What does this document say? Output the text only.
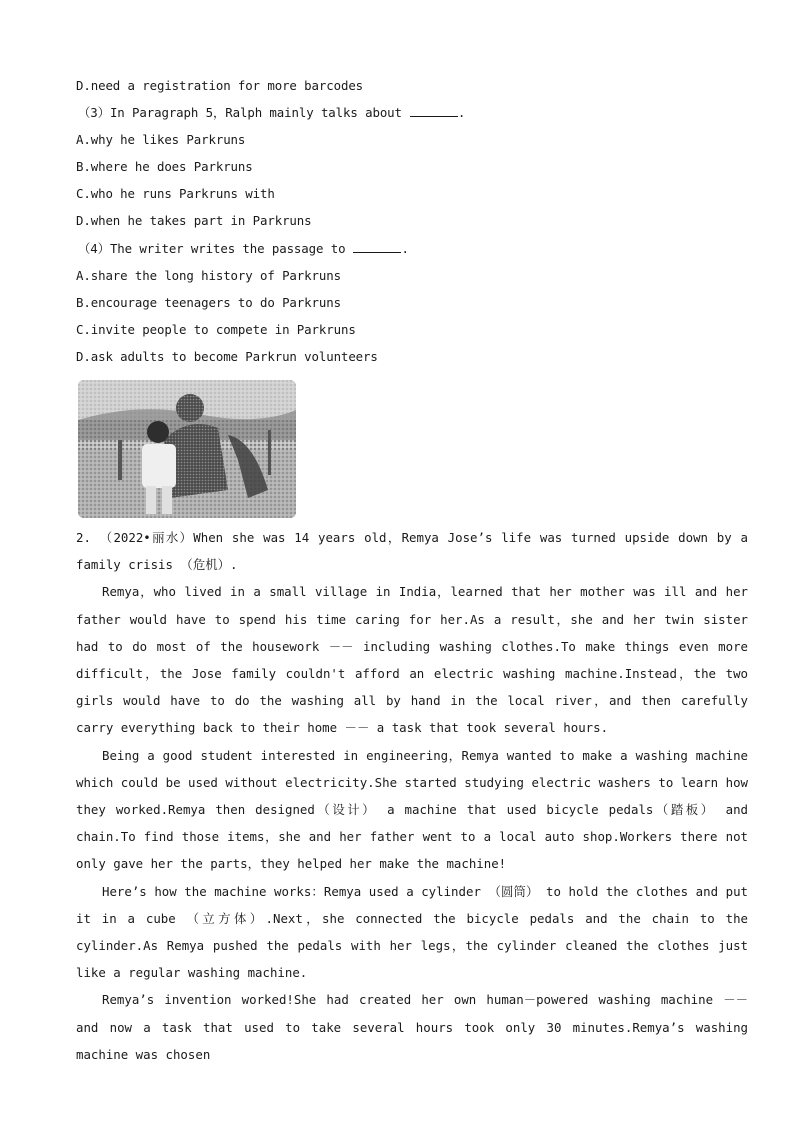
D.need a registration for more barcodes
（3）In Paragraph 5，Ralph mainly talks about	.
A.why he likes Parkruns
B.where he does Parkruns
C.who he runs Parkruns with
D.when he takes part in Parkruns
（4）The writer writes the passage to	.
A.share the long history of Parkruns
B.encourage teenagers to do Parkruns
C.invite people to compete in Parkruns
D.ask adults to become Parkrun volunteers

2. （2022•丽水）When she was 14 years old，Remya Jose’s life was turned upside down by a family crisis （危机）.

Remya，who lived in a small village in India，learned that her mother was ill and her father would have to spend his time caring for her.As a result，she and her twin sister had to do most of the housework －－ including washing clothes.To make things even more difficult，the Jose family couldn't afford an electric washing machine.Instead，the two girls would have to do the washing all by hand in the local river，and then carefully carry everything back to their home －－ a task that took several hours.

Being a good student interested in engineering，Remya wanted to make a washing machine which could be used without electricity.She started studying electric washers to learn how they worked.Remya then designed（设计） a machine that used bicycle pedals（踏板） and chain.To find those items，she and her father went to a local auto shop.Workers there not only gave her the parts，they helped her make the machine!

Here’s how the machine works：Remya used a cylinder （圆筒） to hold the clothes and put it in a cube （立方体）.Next，she connected the bicycle pedals and the chain to the cylinder.As Remya pushed the pedals with her legs，the cylinder cleaned the clothes just like a regular washing machine.

Remya’s invention worked!She had created her own human－powered washing machine －－ and now a task that used to take several hours took only 30 minutes.Remya’s washing machine was chosen
